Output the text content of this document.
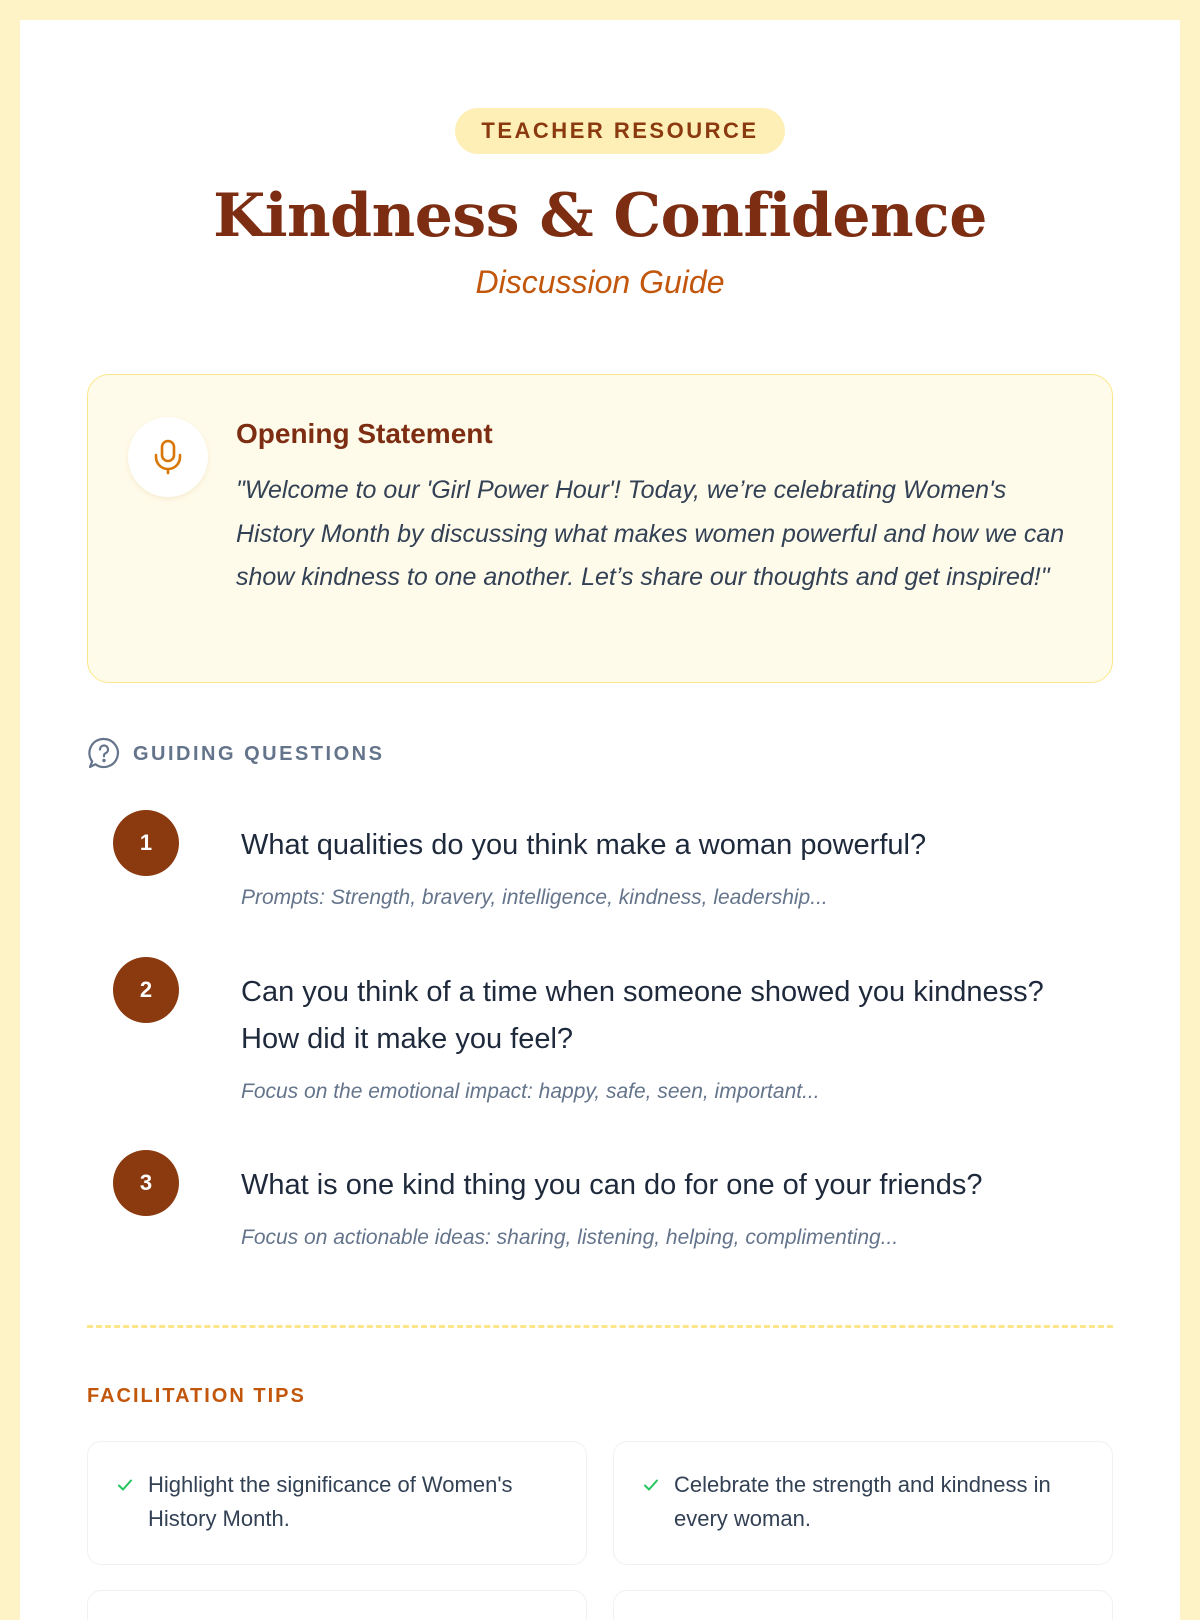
TEACHER RESOURCE
Kindness & Confidence
Discussion Guide
Opening Statement
"Welcome to our 'Girl Power Hour'! Today, we’re celebrating Women's History Month by discussing what makes women powerful and how we can show kindness to one another. Let’s share our thoughts and get inspired!"
GUIDING QUESTIONS
1	What qualities do you think make a woman powerful?
Prompts: Strength, bravery, intelligence, kindness, leadership...
2	Can you think of a time when someone showed you kindness? How did it make you feel?
Focus on the emotional impact: happy, safe, seen, important...
3	What is one kind thing you can do for one of your friends?
Focus on actionable ideas: sharing, listening, helping, complimenting...
FACILITATION TIPS
Highlight the significance of Women's History Month.
Celebrate the strength and kindness in every woman.
